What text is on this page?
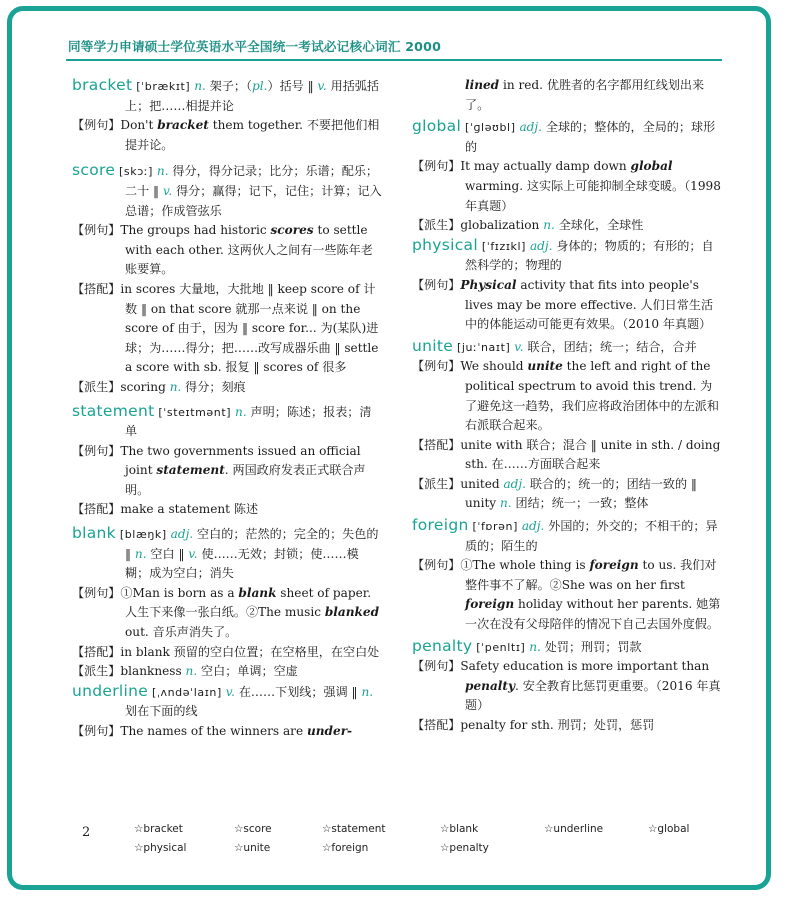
同等学力申请硕士学位英语水平全国统一考试必记核心词汇 2000
bracket [ˈbrækɪt] n. 架子；（pl.）括号 ‖ v. 用括弧括上；把……相提并论
【例句】Don't bracket them together. 不要把他们相提并论。
score [skɔː] n. 得分，得分记录；比分；乐谱；配乐；二十 ‖ v. 得分；赢得；记下，记住；计算；记入总谱；作成管弦乐
【例句】The groups had historic scores to settle with each other. 这两伙人之间有一些陈年老账要算。
【搭配】in scores 大量地，大批地 ‖ keep score of 计数 ‖ on that score 就那一点来说 ‖ on the score of 由于，因为 ‖ score for... 为(某队)进球；为……得分；把……改写成器乐曲 ‖ settle a score with sb. 报复 ‖ scores of 很多
【派生】scoring n. 得分；刻痕
statement [ˈsteɪtmənt] n. 声明；陈述；报表；清单
【例句】The two governments issued an official joint statement. 两国政府发表正式联合声明。
【搭配】make a statement 陈述
blank [blæŋk] adj. 空白的；茫然的；完全的；失色的 ‖ n. 空白 ‖ v. 使……无效；封锁；使……模糊；成为空白；消失
【例句】①Man is born as a blank sheet of paper. 人生下来像一张白纸。②The music blanked out. 音乐声消失了。
【搭配】in blank 预留的空白位置；在空格里，在空白处
【派生】blankness n. 空白；单调；空虚
underline [ˌʌndəˈlaɪn] v. 在……下划线；强调 ‖ n. 划在下面的线
【例句】The names of the winners are under-
lined in red. 优胜者的名字都用红线划出来了。
global [ˈɡləʊbl] adj. 全球的；整体的，全局的；球形的
【例句】It may actually damp down global warming. 这实际上可能抑制全球变暖。（1998 年真题）
【派生】globalization n. 全球化，全球性
physical [ˈfɪzɪkl] adj. 身体的；物质的；有形的；自然科学的；物理的
【例句】Physical activity that fits into people's lives may be more effective. 人们日常生活中的体能运动可能更有效果。（2010 年真题）
unite [juːˈnaɪt] v. 联合，团结；统一；结合，合并
【例句】We should unite the left and right of the political spectrum to avoid this trend. 为了避免这一趋势，我们应将政治团体中的左派和右派联合起来。
【搭配】unite with 联合；混合 ‖ unite in sth. / doing sth. 在……方面联合起来
【派生】united adj. 联合的；统一的；团结一致的 ‖ unity n. 团结；统一；一致；整体
foreign [ˈfɒrən] adj. 外国的；外交的；不相干的；异质的；陌生的
【例句】①The whole thing is foreign to us. 我们对整件事不了解。②She was on her first foreign holiday without her parents. 她第一次在没有父母陪伴的情况下自己去国外度假。
penalty [ˈpenltɪ] n. 处罚；刑罚；罚款
【例句】Safety education is more important than penalty. 安全教育比惩罚更重要。（2016 年真题）
【搭配】penalty for sth. 刑罚；处罚，惩罚
2	☆bracket	☆score	☆statement	☆blank	☆underline	☆global
☆physical	☆unite	☆foreign	☆penalty
